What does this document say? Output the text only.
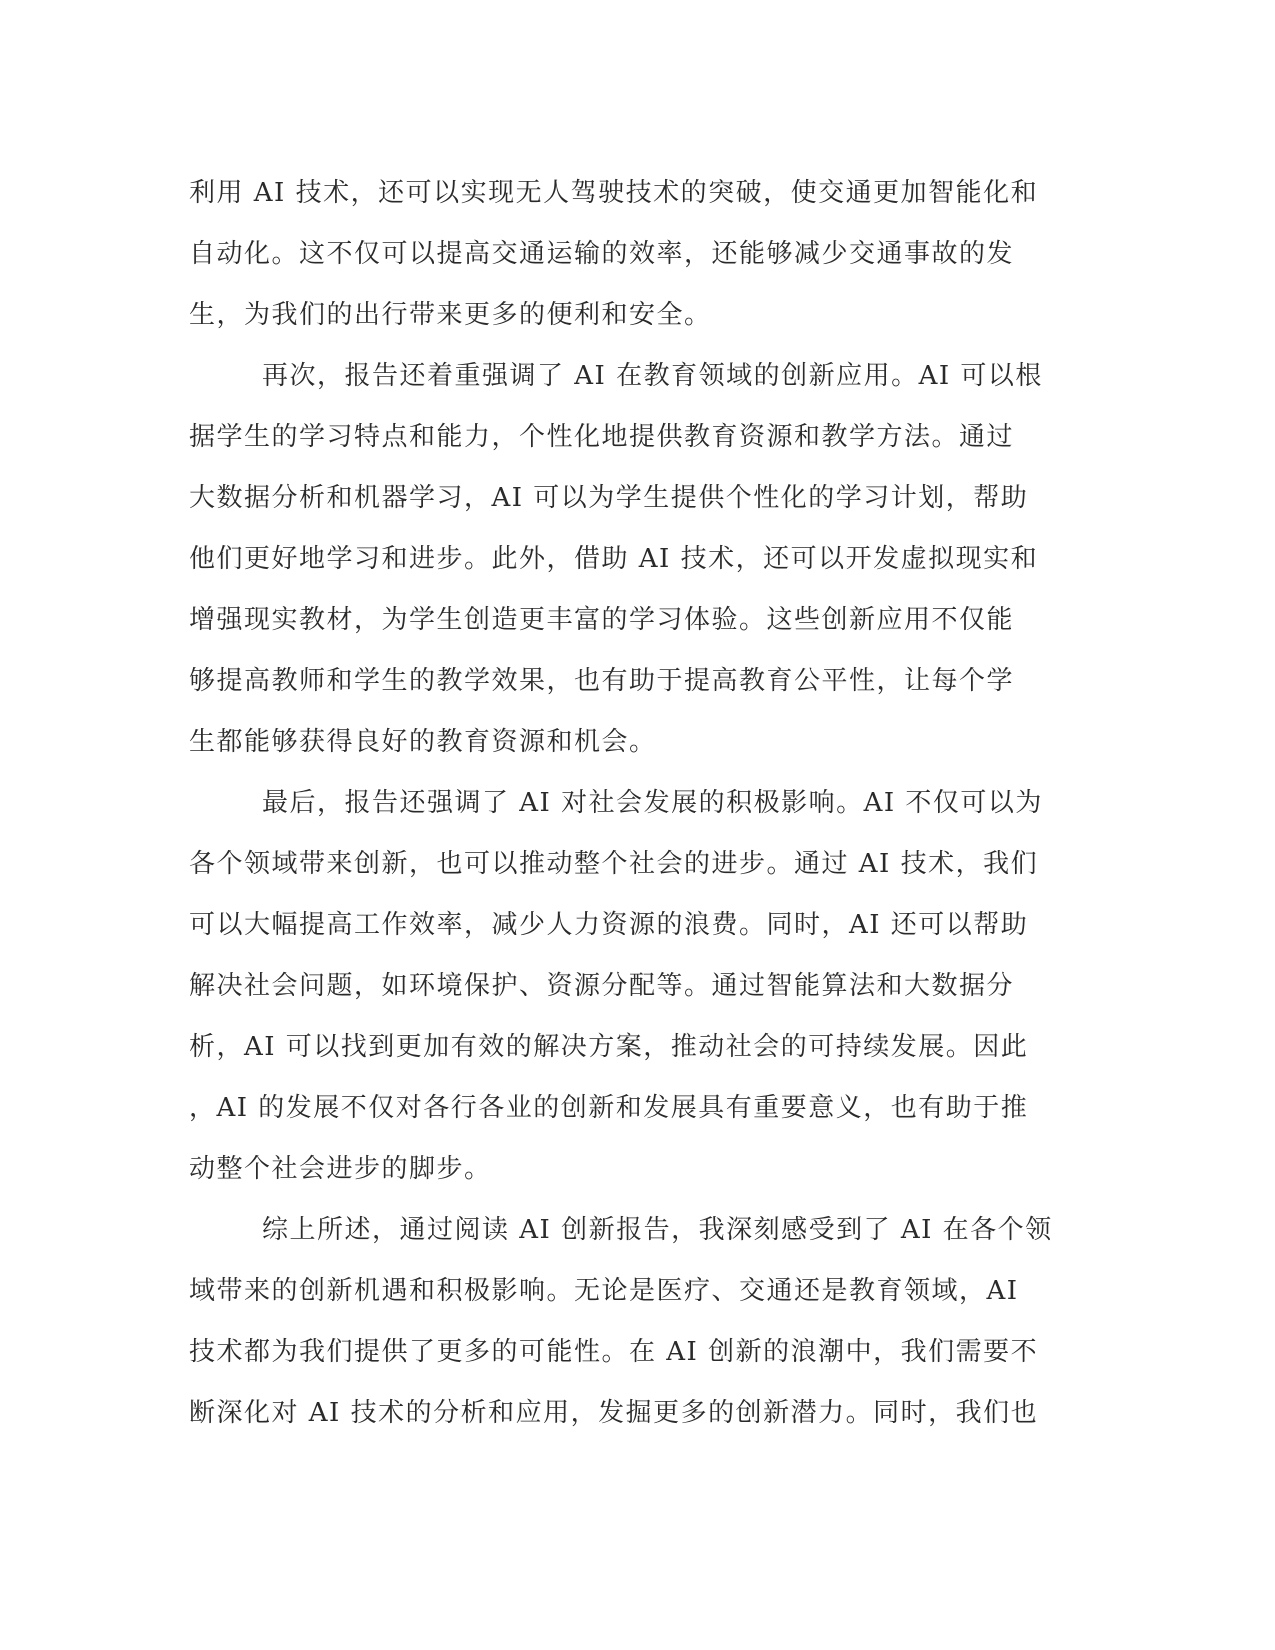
利用 AI 技术，还可以实现无人驾驶技术的突破，使交通更加智能化和
自动化。这不仅可以提高交通运输的效率，还能够减少交通事故的发
生，为我们的出行带来更多的便利和安全。
再次，报告还着重强调了 AI 在教育领域的创新应用。AI 可以根
据学生的学习特点和能力，个性化地提供教育资源和教学方法。通过
大数据分析和机器学习，AI 可以为学生提供个性化的学习计划，帮助
他们更好地学习和进步。此外，借助 AI 技术，还可以开发虚拟现实和
增强现实教材，为学生创造更丰富的学习体验。这些创新应用不仅能
够提高教师和学生的教学效果，也有助于提高教育公平性，让每个学
生都能够获得良好的教育资源和机会。
最后，报告还强调了 AI 对社会发展的积极影响。AI 不仅可以为
各个领域带来创新，也可以推动整个社会的进步。通过 AI 技术，我们
可以大幅提高工作效率，减少人力资源的浪费。同时，AI 还可以帮助
解决社会问题，如环境保护、资源分配等。通过智能算法和大数据分
析，AI 可以找到更加有效的解决方案，推动社会的可持续发展。因此
，AI 的发展不仅对各行各业的创新和发展具有重要意义，也有助于推
动整个社会进步的脚步。
综上所述，通过阅读 AI 创新报告，我深刻感受到了 AI 在各个领
域带来的创新机遇和积极影响。无论是医疗、交通还是教育领域，AI
技术都为我们提供了更多的可能性。在 AI 创新的浪潮中，我们需要不
断深化对 AI 技术的分析和应用，发掘更多的创新潜力。同时，我们也
